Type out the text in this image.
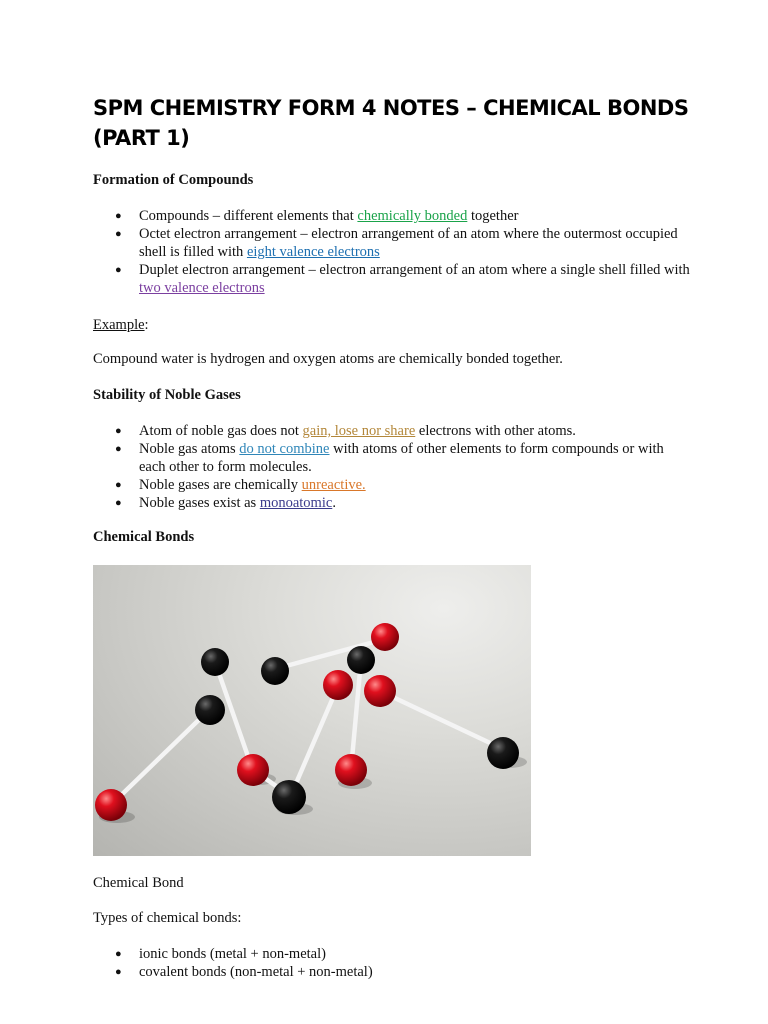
SPM CHEMISTRY FORM 4 NOTES – CHEMICAL BONDS (PART 1)
Formation of Compounds
● Compounds – different elements that chemically bonded together
● Octet electron arrangement – electron arrangement of an atom where the outermost occupied shell is filled with eight valence electrons
● Duplet electron arrangement – electron arrangement of an atom where a single shell filled with two valence electrons
Example:
Compound water is hydrogen and oxygen atoms are chemically bonded together.
Stability of Noble Gases
● Atom of noble gas does not gain, lose nor share electrons with other atoms.
● Noble gas atoms do not combine with atoms of other elements to form compounds or with each other to form molecules.
● Noble gases are chemically unreactive.
● Noble gases exist as monoatomic.
Chemical Bonds
Chemical Bond
Types of chemical bonds:
● ionic bonds (metal + non-metal)
● covalent bonds (non-metal + non-metal)
